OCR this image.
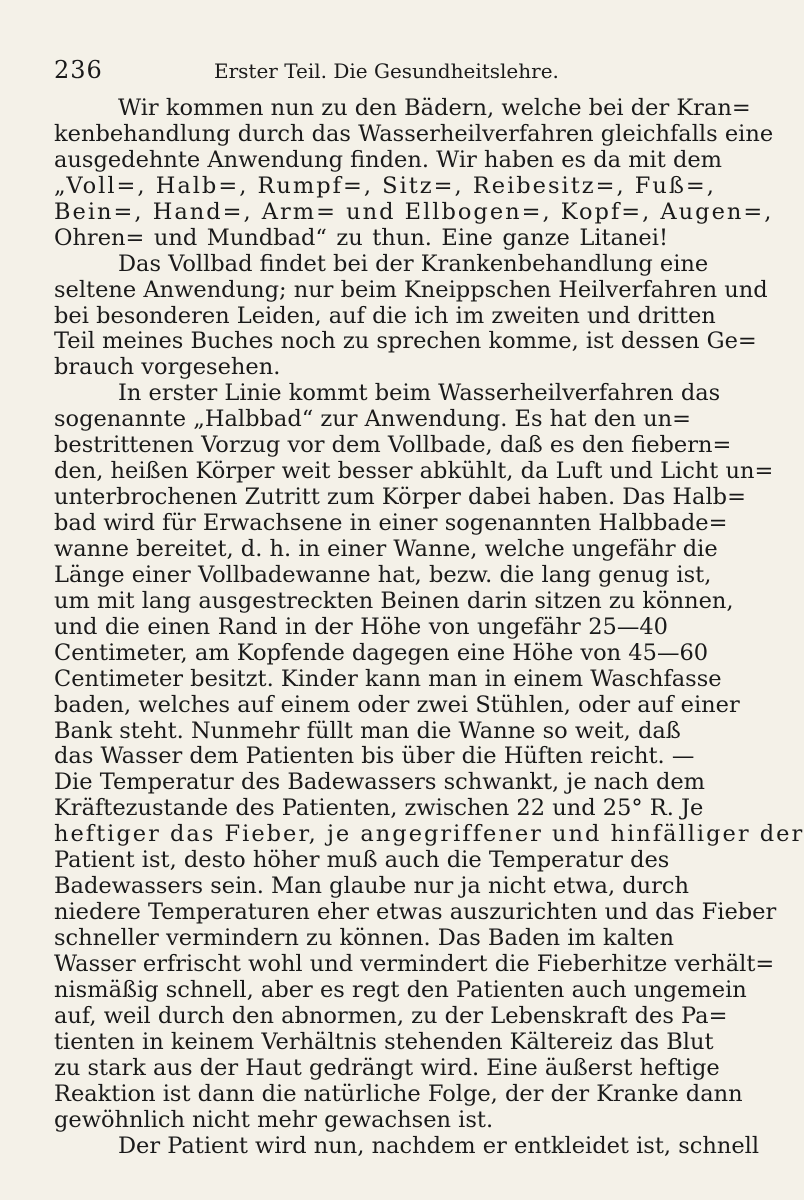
236	Erster Teil. Die Gesundheitslehre.

Wir kommen nun zu den Bädern, welche bei der Kran=
kenbehandlung durch das Wasserheilverfahren gleichfalls eine
ausgedehnte Anwendung finden. Wir haben es da mit dem
„Voll=, Halb=, Rumpf=, Sitz=, Reibesitz=, Fuß=,
Bein=, Hand=, Arm= und Ellbogen=, Kopf=, Augen=,
Ohren= und Mundbad“ zu thun. Eine ganze Litanei!

Das Vollbad findet bei der Krankenbehandlung eine
seltene Anwendung; nur beim Kneippschen Heilverfahren und
bei besonderen Leiden, auf die ich im zweiten und dritten
Teil meines Buches noch zu sprechen komme, ist dessen Ge=
brauch vorgesehen.

In erster Linie kommt beim Wasserheilverfahren das
sogenannte „Halbbad“ zur Anwendung. Es hat den un=
bestrittenen Vorzug vor dem Vollbade, daß es den fiebern=
den, heißen Körper weit besser abkühlt, da Luft und Licht un=
unterbrochenen Zutritt zum Körper dabei haben. Das Halb=
bad wird für Erwachsene in einer sogenannten Halbbade=
wanne bereitet, d. h. in einer Wanne, welche ungefähr die
Länge einer Vollbadewanne hat, bezw. die lang genug ist,
um mit lang ausgestreckten Beinen darin sitzen zu können,
und die einen Rand in der Höhe von ungefähr 25—40
Centimeter, am Kopfende dagegen eine Höhe von 45—60
Centimeter besitzt. Kinder kann man in einem Waschfasse
baden, welches auf einem oder zwei Stühlen, oder auf einer
Bank steht. Nunmehr füllt man die Wanne so weit, daß
das Wasser dem Patienten bis über die Hüften reicht. —
Die Temperatur des Badewassers schwankt, je nach dem
Kräftezustande des Patienten, zwischen 22 und 25° R. Je
heftiger das Fieber, je angegriffener und hinfälliger der
Patient ist, desto höher muß auch die Temperatur des
Badewassers sein. Man glaube nur ja nicht etwa, durch
niedere Temperaturen eher etwas auszurichten und das Fieber
schneller vermindern zu können. Das Baden im kalten
Wasser erfrischt wohl und vermindert die Fieberhitze verhält=
nismäßig schnell, aber es regt den Patienten auch ungemein
auf, weil durch den abnormen, zu der Lebenskraft des Pa=
tienten in keinem Verhältnis stehenden Kältereiz das Blut
zu stark aus der Haut gedrängt wird. Eine äußerst heftige
Reaktion ist dann die natürliche Folge, der der Kranke dann
gewöhnlich nicht mehr gewachsen ist.

Der Patient wird nun, nachdem er entkleidet ist, schnell
